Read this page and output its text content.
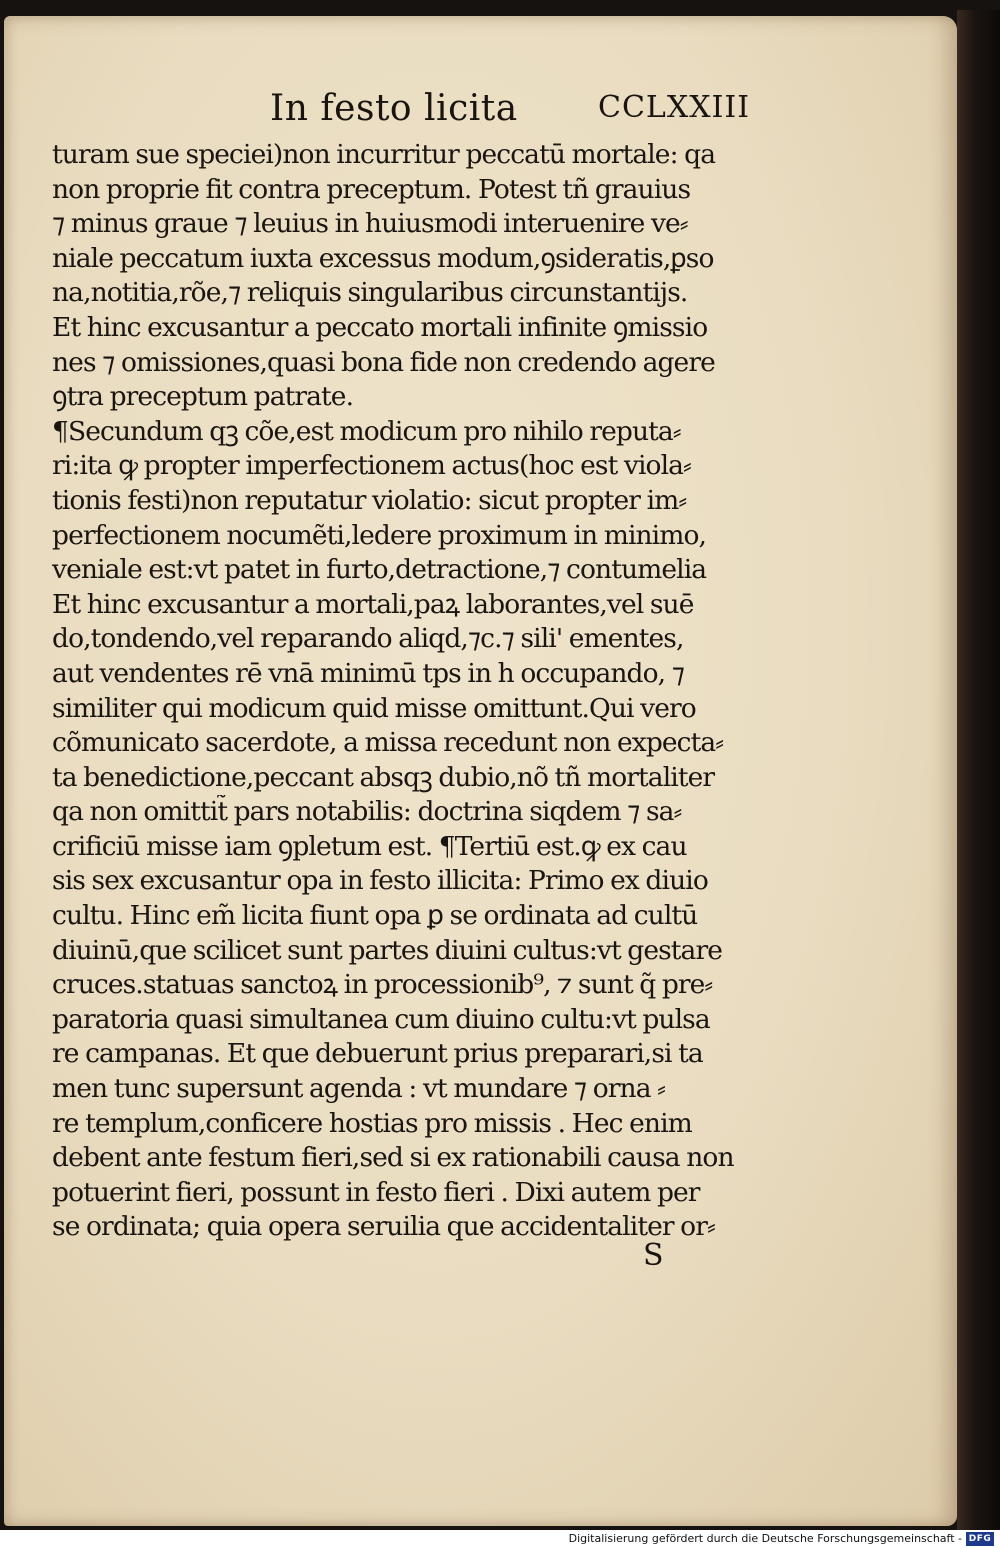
In festo licita	CCLXXIII
turam sue speciei)non incurritur peccatū mortale: qa
non proprie fit contra preceptum. Potest tñ grauius
⁊ minus graue ⁊ leuius in huiusmodi interuenire ve⸗
niale peccatum iuxta excessus modum,ꝯsideratis,ꝑso
na,notitia,rõe,⁊ reliquis singularibus circunstantijs.
Et hinc excusantur a peccato mortali infinite ꝯmissio
nes ⁊ omissiones,quasi bona fide non credendo agere
ꝯtra preceptum patrate.
¶Secundum qꝫ cõe,est modicum pro nihilo reputa⸗
ri:ita ꝙ propter imperfectionem actus(hoc est viola⸗
tionis festi)non reputatur violatio: sicut propter im⸗
perfectionem nocumẽti,ledere proximum in minimo,
veniale est:vt patet in furto,detractione,⁊ contumelia
Et hinc excusantur a mortali,paꝝ laborantes,vel suē
do,tondendo,vel reparando aliqd,⁊c.⁊ sili' ementes,
aut vendentes rē vnā minimū tps in h occupando, ⁊
similiter qui modicum quid misse omittunt.Qui vero
cõmunicato sacerdote, a missa recedunt non expecta⸗
ta benedictione,peccant absqꝫ dubio,nõ tñ mortaliter
qa non omittit̃ pars notabilis: doctrina siqdem ⁊ sa⸗
crificiū misse iam ꝯpletum est. ¶Tertiū est.ꝙ ex cau
sis sex excusantur opa in festo illicita: Primo ex diuio
cultu. Hinc em̃ licita fiunt opa ꝑ se ordinata ad cultū
diuinū,que scilicet sunt partes diuini cultus:vt gestare
cruces.statuas sanctoꝝ in processionib⁹, ⁊ sunt q̃ pre⸗
paratoria quasi simultanea cum diuino cultu:vt pulsa
re campanas. Et que debuerunt prius preparari,si ta
men tunc supersunt agenda : vt mundare ⁊ orna ⸗
re templum,conficere hostias pro missis . Hec enim
debent ante festum fieri,sed si ex rationabili causa non
potuerint fieri, possunt in festo fieri . Dixi autem per
se ordinata; quia opera seruilia que accidentaliter or⸗
S
Digitalisierung gefördert durch die Deutsche Forschungsgemeinschaft - DFG
